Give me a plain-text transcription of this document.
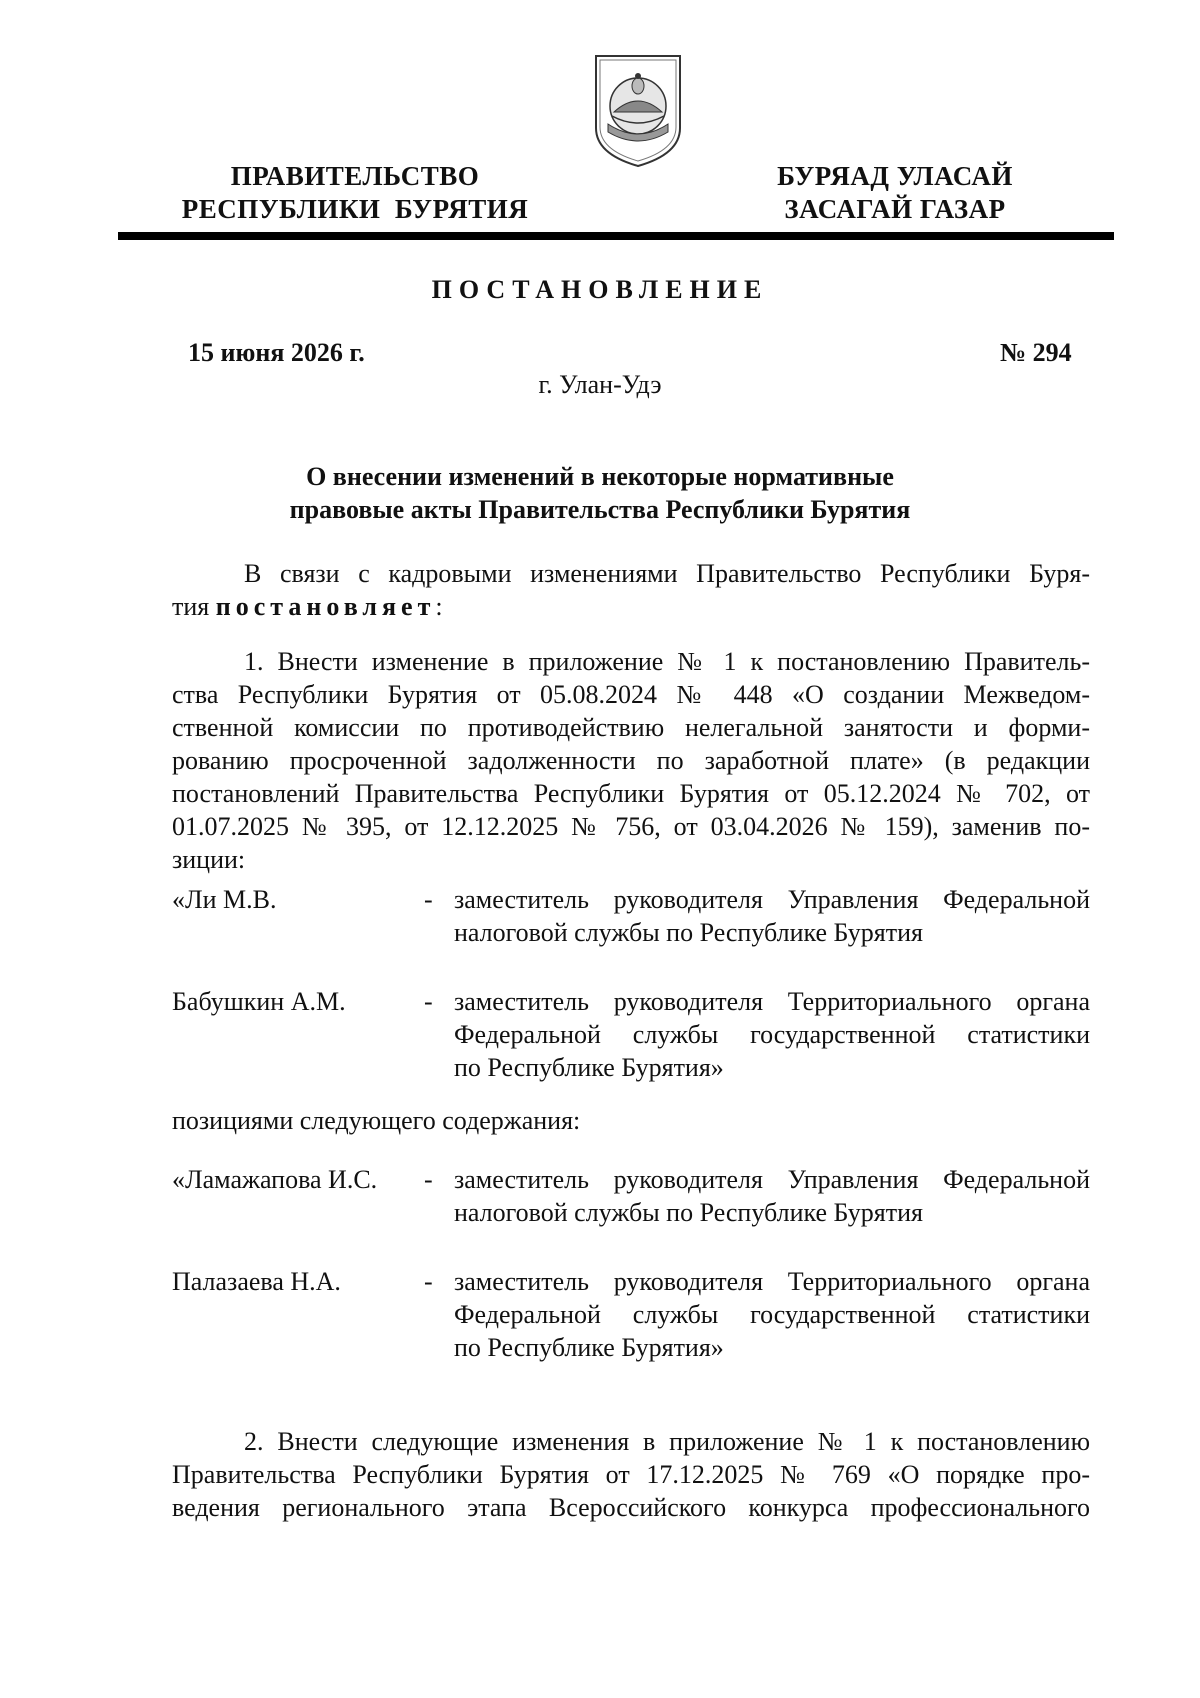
ПРАВИТЕЛЬСТВО
РЕСПУБЛИКИ  БУРЯТИЯ
БУРЯАД УЛАСАЙ
ЗАСАГАЙ ГАЗАР
ПОСТАНОВЛЕНИЕ
15 июня 2026 г.	№ 294
г. Улан-Удэ
О внесении изменений в некоторые нормативные
правовые акты Правительства Республики Бурятия
В связи с кадровыми изменениями Правительство Республики Буря-
тия постановляет:
1. Внести изменение в приложение № 1 к постановлению Правитель-
ства Республики Бурятия от 05.08.2024 № 448 «О создании Межведом-
ственной комиссии по противодействию нелегальной занятости и форми-
рованию просроченной задолженности по заработной плате» (в редакции
постановлений Правительства Республики Бурятия от 05.12.2024 № 702, от
01.07.2025 № 395, от 12.12.2025 № 756, от 03.04.2026 № 159), заменив по-
зиции:
«Ли М.В.	- заместитель руководителя Управления Федеральной
налоговой службы по Республике Бурятия
Бабушкин А.М.	- заместитель руководителя Территориального органа
Федеральной службы государственной статистики
по Республике Бурятия»
позициями следующего содержания:
«Ламажапова И.С. - заместитель руководителя Управления Федеральной
налоговой службы по Республике Бурятия
Палазаева Н.А.	- заместитель руководителя Территориального органа
Федеральной службы государственной статистики
по Республике Бурятия»
2. Внести следующие изменения в приложение № 1 к постановлению
Правительства Республики Бурятия от 17.12.2025 № 769 «О порядке про-
ведения регионального этапа Всероссийского конкурса профессионального
